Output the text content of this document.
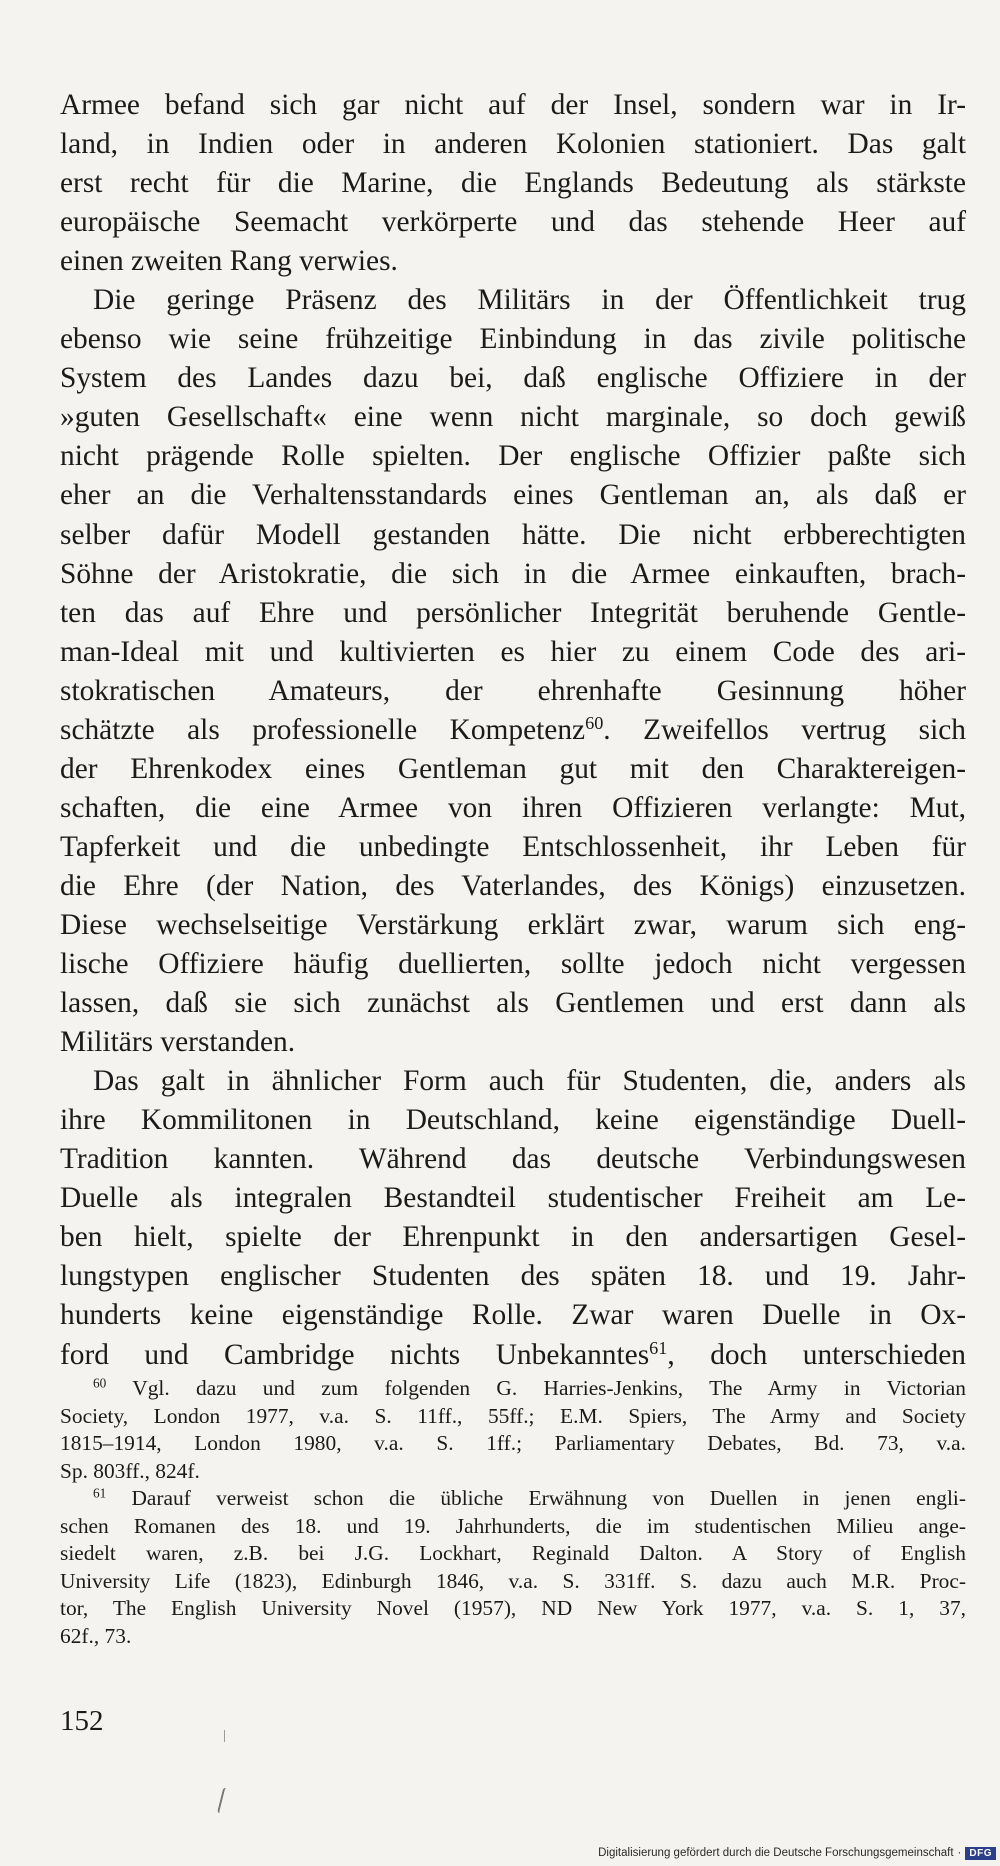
Armee befand sich gar nicht auf der Insel, sondern war in Ir-
land, in Indien oder in anderen Kolonien stationiert. Das galt
erst recht für die Marine, die Englands Bedeutung als stärkste
europäische Seemacht verkörperte und das stehende Heer auf
einen zweiten Rang verwies.
Die geringe Präsenz des Militärs in der Öffentlichkeit trug
ebenso wie seine frühzeitige Einbindung in das zivile politische
System des Landes dazu bei, daß englische Offiziere in der
»guten Gesellschaft« eine wenn nicht marginale, so doch gewiß
nicht prägende Rolle spielten. Der englische Offizier paßte sich
eher an die Verhaltensstandards eines Gentleman an, als daß er
selber dafür Modell gestanden hätte. Die nicht erbberechtigten
Söhne der Aristokratie, die sich in die Armee einkauften, brach-
ten das auf Ehre und persönlicher Integrität beruhende Gentle-
man-Ideal mit und kultivierten es hier zu einem Code des ari-
stokratischen Amateurs, der ehrenhafte Gesinnung höher
schätzte als professionelle Kompetenz$^{60}$. Zweifellos vertrug sich
der Ehrenkodex eines Gentleman gut mit den Charaktereigen-
schaften, die eine Armee von ihren Offizieren verlangte: Mut,
Tapferkeit und die unbedingte Entschlossenheit, ihr Leben für
die Ehre (der Nation, des Vaterlandes, des Königs) einzusetzen.
Diese wechselseitige Verstärkung erklärt zwar, warum sich eng-
lische Offiziere häufig duellierten, sollte jedoch nicht vergessen
lassen, daß sie sich zunächst als Gentlemen und erst dann als
Militärs verstanden.
Das galt in ähnlicher Form auch für Studenten, die, anders als
ihre Kommilitonen in Deutschland, keine eigenständige Duell-
Tradition kannten. Während das deutsche Verbindungswesen
Duelle als integralen Bestandteil studentischer Freiheit am Le-
ben hielt, spielte der Ehrenpunkt in den andersartigen Gesel-
lungstypen englischer Studenten des späten 18. und 19. Jahr-
hunderts keine eigenständige Rolle. Zwar waren Duelle in Ox-
ford und Cambridge nichts Unbekanntes$^{61}$, doch unterschieden
$^{60}$ Vgl. dazu und zum folgenden G. Harries-Jenkins, The Army in Victorian
Society, London 1977, v.a. S. 11ff., 55ff.; E.M. Spiers, The Army and Society
1815–1914, London 1980, v.a. S. 1ff.; Parliamentary Debates, Bd. 73, v.a.
Sp. 803ff., 824f.
$^{61}$ Darauf verweist schon die übliche Erwähnung von Duellen in jenen engli-
schen Romanen des 18. und 19. Jahrhunderts, die im studentischen Milieu ange-
siedelt waren, z.B. bei J.G. Lockhart, Reginald Dalton. A Story of English
University Life (1823), Edinburgh 1846, v.a. S. 331ff. S. dazu auch M.R. Proc-
tor, The English University Novel (1957), ND New York 1977, v.a. S. 1, 37,
62f., 73.
152
Digitalisierung gefördert durch die Deutsche Forschungsgemeinschaft · DFG
